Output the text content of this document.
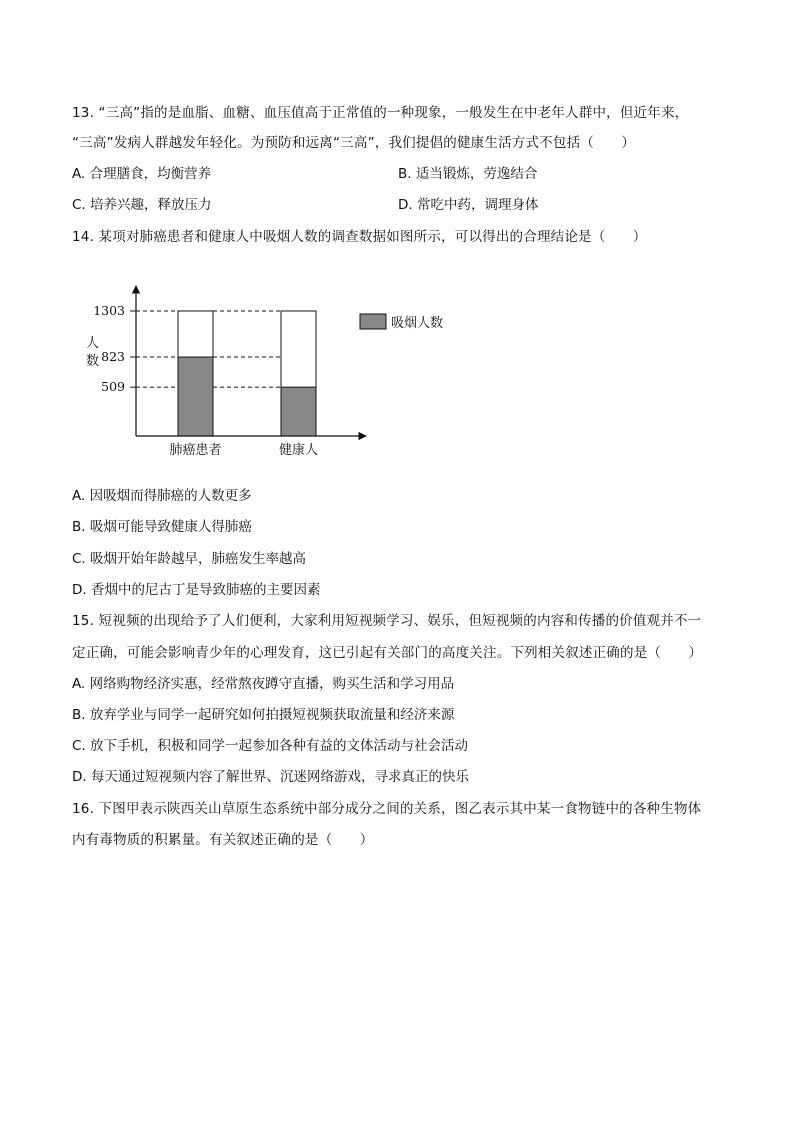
13. “三高”指的是血脂、血糖、血压值高于正常值的一种现象，一般发生在中老年人群中，但近年来，
“三高”发病人群越发年轻化。为预防和远离“三高”，我们提倡的健康生活方式不包括（　　）
A. 合理膳食，均衡营养	B. 适当锻炼，劳逸结合
C. 培养兴趣，释放压力	D. 常吃中药，调理身体
14. 某项对肺癌患者和健康人中吸烟人数的调查数据如图所示，可以得出的合理结论是（　　）
1303
823
509
肺癌患者	健康人
人
数
吸烟人数
A. 因吸烟而得肺癌的人数更多
B. 吸烟可能导致健康人得肺癌
C. 吸烟开始年龄越早，肺癌发生率越高
D. 香烟中的尼古丁是导致肺癌的主要因素
15. 短视频的出现给予了人们便利，大家利用短视频学习、娱乐，但短视频的内容和传播的价值观并不一
定正确，可能会影响青少年的心理发育，这已引起有关部门的高度关注。下列相关叙述正确的是（　　）
A. 网络购物经济实惠，经常熬夜蹲守直播，购买生活和学习用品
B. 放弃学业与同学一起研究如何拍摄短视频获取流量和经济来源
C. 放下手机，积极和同学一起参加各种有益的文体活动与社会活动
D. 每天通过短视频内容了解世界、沉迷网络游戏，寻求真正的快乐
16. 下图甲表示陕西关山草原生态系统中部分成分之间的关系，图乙表示其中某一食物链中的各种生物体
内有毒物质的积累量。有关叙述正确的是（　　）
